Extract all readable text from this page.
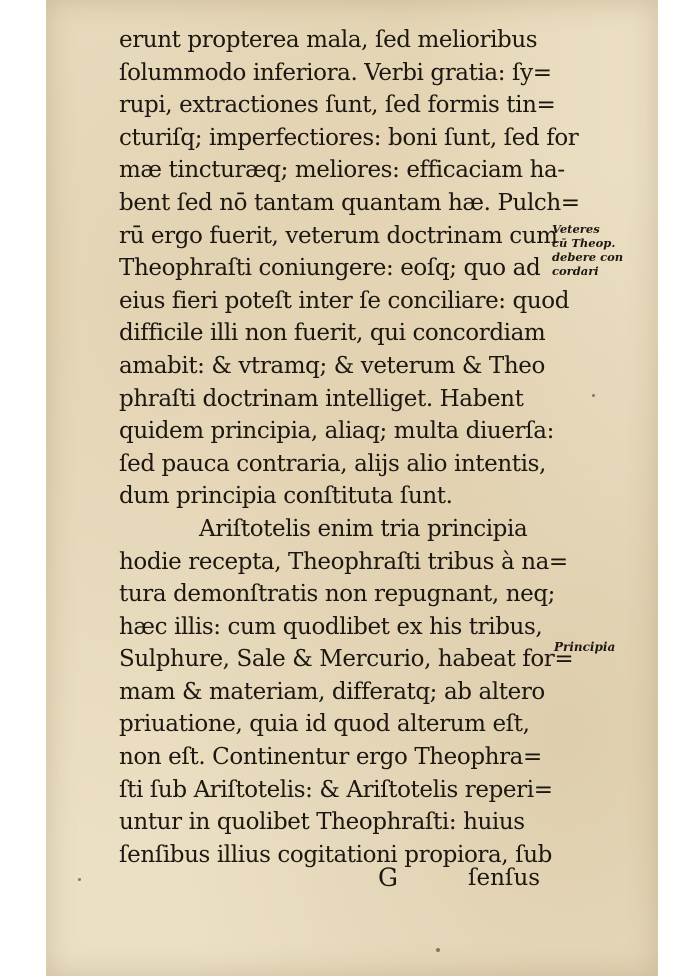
erunt propterea mala, ſed melioribus
ſolummodo inferiora. Verbi gratia: ſy=
rupi, extractiones ſunt, ſed formis tin=
cturiſq; imperfectiores: boni ſunt, ſed for
mæ tincturæq; meliores: efficaciam ha-
bent ſed nō tantam quantam hæ. Pulch=
rū ergo fuerit, veterum doctrinam cum
Theophraſti coniungere: eoſq; quo ad
eius fieri poteſt inter ſe conciliare: quod
difficile illi non fuerit, qui concordiam
amabit: & vtramq; & veterum & Theo
phraſti doctrinam intelliget. Habent
quidem principia, aliaq; multa diuerſa:
ſed pauca contraria, alijs alio intentis,
dum principia conſtituta ſunt.
Ariſtotelis enim tria principia
hodie recepta, Theophraſti tribus à na=
tura demonſtratis non repugnant, neq;
hæc illis: cum quodlibet ex his tribus,
Sulphure, Sale & Mercurio, habeat for=
mam & materiam, differatq; ab altero
priuatione, quia id quod alterum eſt,
non eſt. Continentur ergo Theophra=
ſti ſub Ariſtotelis: & Ariſtotelis reperi=
untur in quolibet Theophraſti: huius
ſenſibus illius cogitationi propiora, ſub
Veteres
cū Theop.
debere con
cordari
Principia
G	ſenſus
